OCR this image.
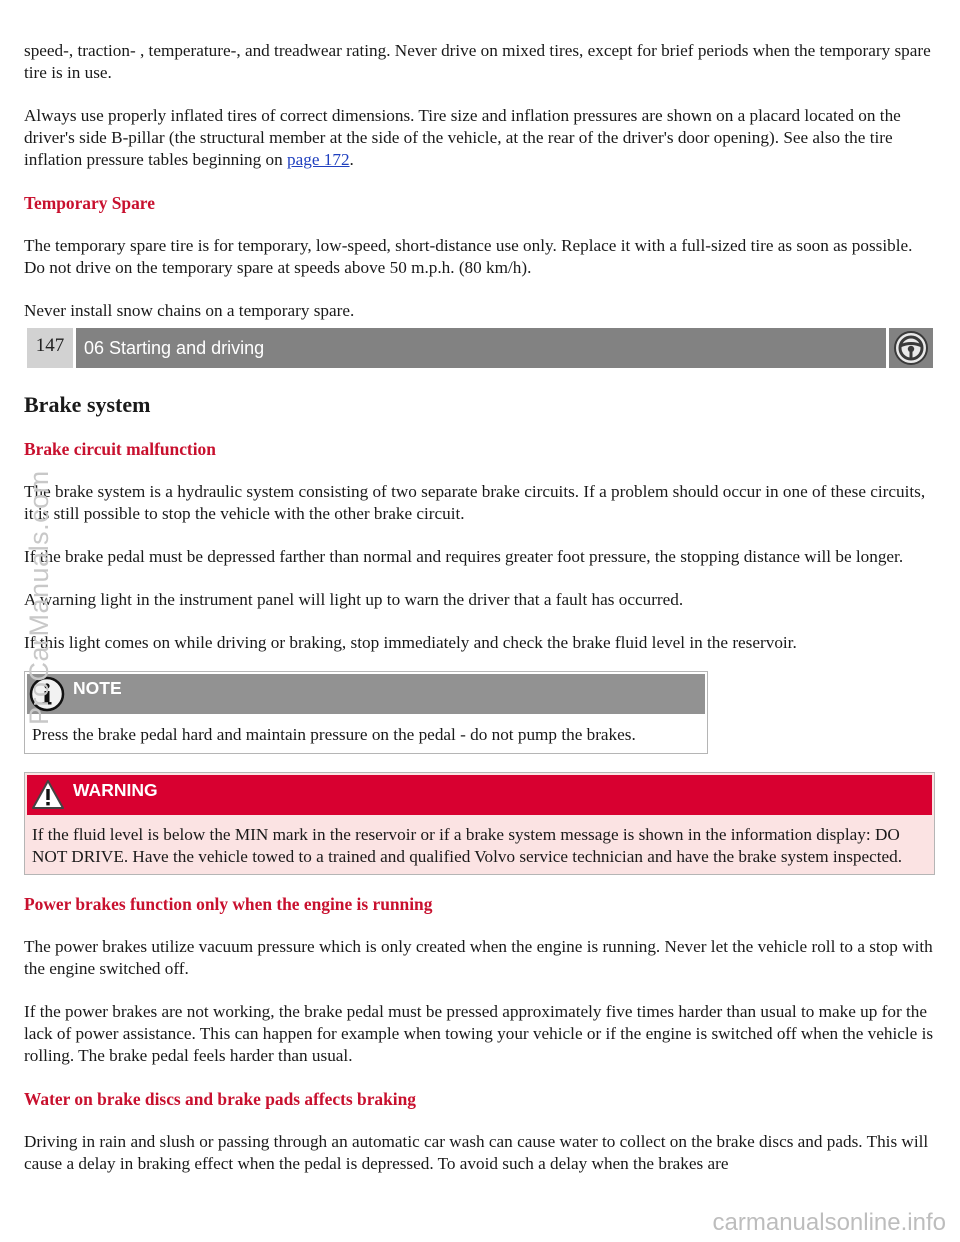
speed-, traction- , temperature-, and treadwear rating. Never drive on mixed tires, except for brief periods when the temporary spare tire is in use.

Always use properly inflated tires of correct dimensions. Tire size and inflation pressures are shown on a placard located on the driver's side B-pillar (the structural member at the side of the vehicle, at the rear of the driver's door opening). See also the tire inflation pressure tables beginning on page 172.

Temporary Spare

The temporary spare tire is for temporary, low-speed, short-distance use only. Replace it with a full-sized tire as soon as possible. Do not drive on the temporary spare at speeds above 50 m.p.h. (80 km/h).

Never install snow chains on a temporary spare.

147	06 Starting and driving
Brake system

Brake circuit malfunction

The brake system is a hydraulic system consisting of two separate brake circuits. If a problem should occur in one of these circuits, it is still possible to stop the vehicle with the other brake circuit.

If the brake pedal must be depressed farther than normal and requires greater foot pressure, the stopping distance will be longer.

A warning light in the instrument panel will light up to warn the driver that a fault has occurred.

If this light comes on while driving or braking, stop immediately and check the brake fluid level in the reservoir.

NOTE
Press the brake pedal hard and maintain pressure on the pedal - do not pump the brakes.
WARNING
If the fluid level is below the MIN mark in the reservoir or if a brake system message is shown in the information display: DO NOT DRIVE. Have the vehicle towed to a trained and qualified Volvo service technician and have the brake system inspected.

Power brakes function only when the engine is running

The power brakes utilize vacuum pressure which is only created when the engine is running. Never let the vehicle roll to a stop with the engine switched off.

If the power brakes are not working, the brake pedal must be pressed approximately five times harder than usual to make up for the lack of power assistance. This can happen for example when towing your vehicle or if the engine is switched off when the vehicle is rolling. The brake pedal feels harder than usual.

Water on brake discs and brake pads affects braking

Driving in rain and slush or passing through an automatic car wash can cause water to collect on the brake discs and pads. This will cause a delay in braking effect when the pedal is depressed. To avoid such a delay when the brakes are

ProCarManuals.com
carmanualsonline.info
